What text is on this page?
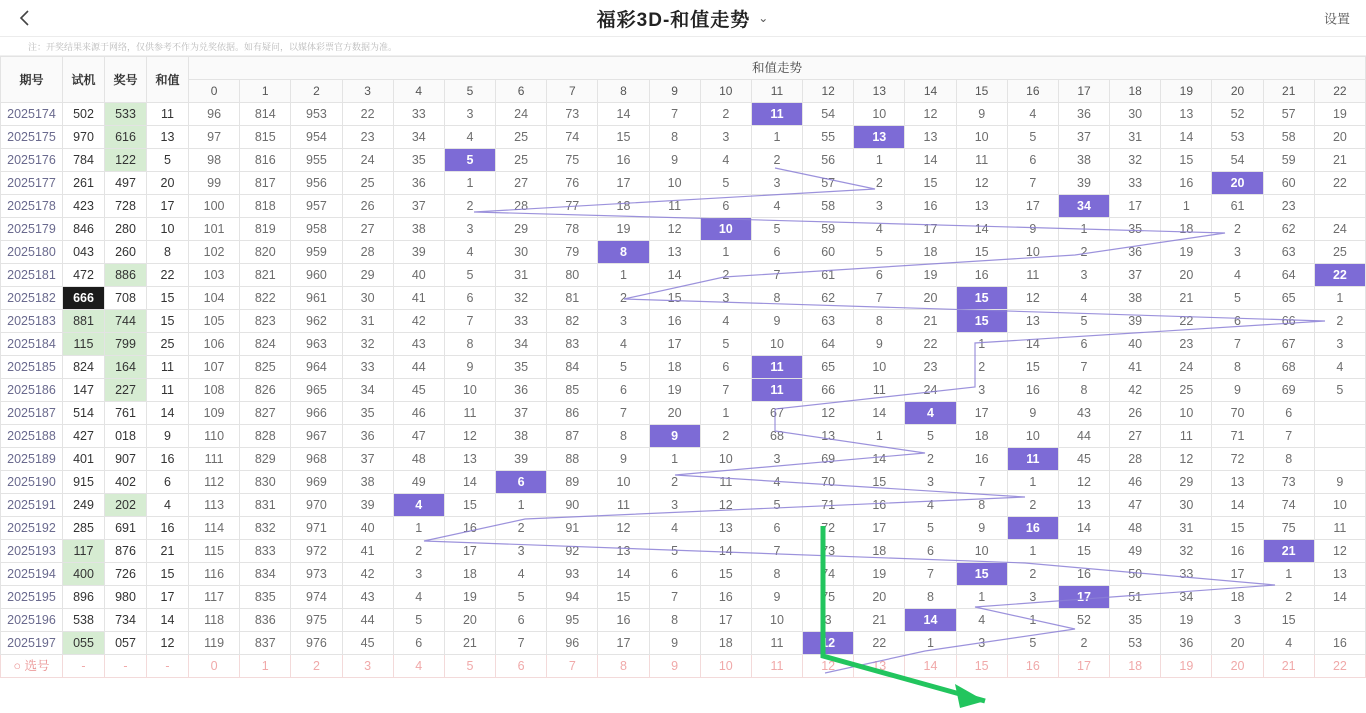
福彩3D-和值走势 ⌄	设置
注：开奖结果来源于网络，仅供参考不作为兑奖依据。如有疑问，以媒体彩票官方数据为准。
期号	试机	奖号	和值	和值走势																						
				0	1	2	3	4	5	6	7	8	9	10	11	12	13	14	15	16	17	18	19	20	21	22
2025174	502	533	11	96	814	953	22	33	3	24	73	14	7	2	11	54	10	12	9	4	36	30	13	52	57	19
2025175	970	616	13	97	815	954	23	34	4	25	74	15	8	3	1	55	13	13	10	5	37	31	14	53	58	20
2025176	784	122	5	98	816	955	24	35	5	25	75	16	9	4	2	56	1	14	11	6	38	32	15	54	59	21
2025177	261	497	20	99	817	956	25	36	1	27	76	17	10	5	3	57	2	15	12	7	39	33	16	20	60	22
2025178	423	728	17	100	818	957	26	37	2	28	77	18	11	6	4	58	3	16	13	17	34	17	1	61	23	
2025179	846	280	10	101	819	958	27	38	3	29	78	19	12	10	5	59	4	17	14	9	1	35	18	2	62	24
2025180	043	260	8	102	820	959	28	39	4	30	79	8	13	1	6	60	5	18	15	10	2	36	19	3	63	25
2025181	472	886	22	103	821	960	29	40	5	31	80	1	14	2	7	61	6	19	16	11	3	37	20	4	64	22
2025182	666	708	15	104	822	961	30	41	6	32	81	2	15	3	8	62	7	20	15	12	4	38	21	5	65	1
2025183	881	744	15	105	823	962	31	42	7	33	82	3	16	4	9	63	8	21	15	13	5	39	22	6	66	2
2025184	115	799	25	106	824	963	32	43	8	34	83	4	17	5	10	64	9	22	1	14	6	40	23	7	67	3
2025185	824	164	11	107	825	964	33	44	9	35	84	5	18	6	11	65	10	23	2	15	7	41	24	8	68	4
2025186	147	227	11	108	826	965	34	45	10	36	85	6	19	7	11	66	11	24	3	16	8	42	25	9	69	5
2025187	514	761	14	109	827	966	35	46	11	37	86	7	20	1	67	12	14	4	17	9	43	26	10	70	6	
2025188	427	018	9	110	828	967	36	47	12	38	87	8	9	2	68	13	1	5	18	10	44	27	11	71	7	
2025189	401	907	16	111	829	968	37	48	13	39	88	9	1	10	3	69	14	2	16	11	45	28	12	72	8	
2025190	915	402	6	112	830	969	38	49	14	6	89	10	2	11	4	70	15	3	7	1	12	46	29	13	73	9
2025191	249	202	4	113	831	970	39	4	15	1	90	11	3	12	5	71	16	4	8	2	13	47	30	14	74	10
2025192	285	691	16	114	832	971	40	1	16	2	91	12	4	13	6	72	17	5	9	16	14	48	31	15	75	11
2025193	117	876	21	115	833	972	41	2	17	3	92	13	5	14	7	73	18	6	10	1	15	49	32	16	21	12
2025194	400	726	15	116	834	973	42	3	18	4	93	14	6	15	8	74	19	7	15	2	16	50	33	17	1	13
2025195	896	980	17	117	835	974	43	4	19	5	94	15	7	16	9	75	20	8	1	3	17	51	34	18	2	14
2025196	538	734	14	118	836	975	44	5	20	6	95	16	8	17	10	3	21	14	4	1	52	35	19	3	15	
2025197	055	057	12	119	837	976	45	6	21	7	96	17	9	18	11	12	22	1	3	5	2	53	36	20	4	16
○ 选号	-	-	-	0	1	2	3	4	5	6	7	8	9	10	11	12	13	14	15	16	17	18	19	20	21	22
